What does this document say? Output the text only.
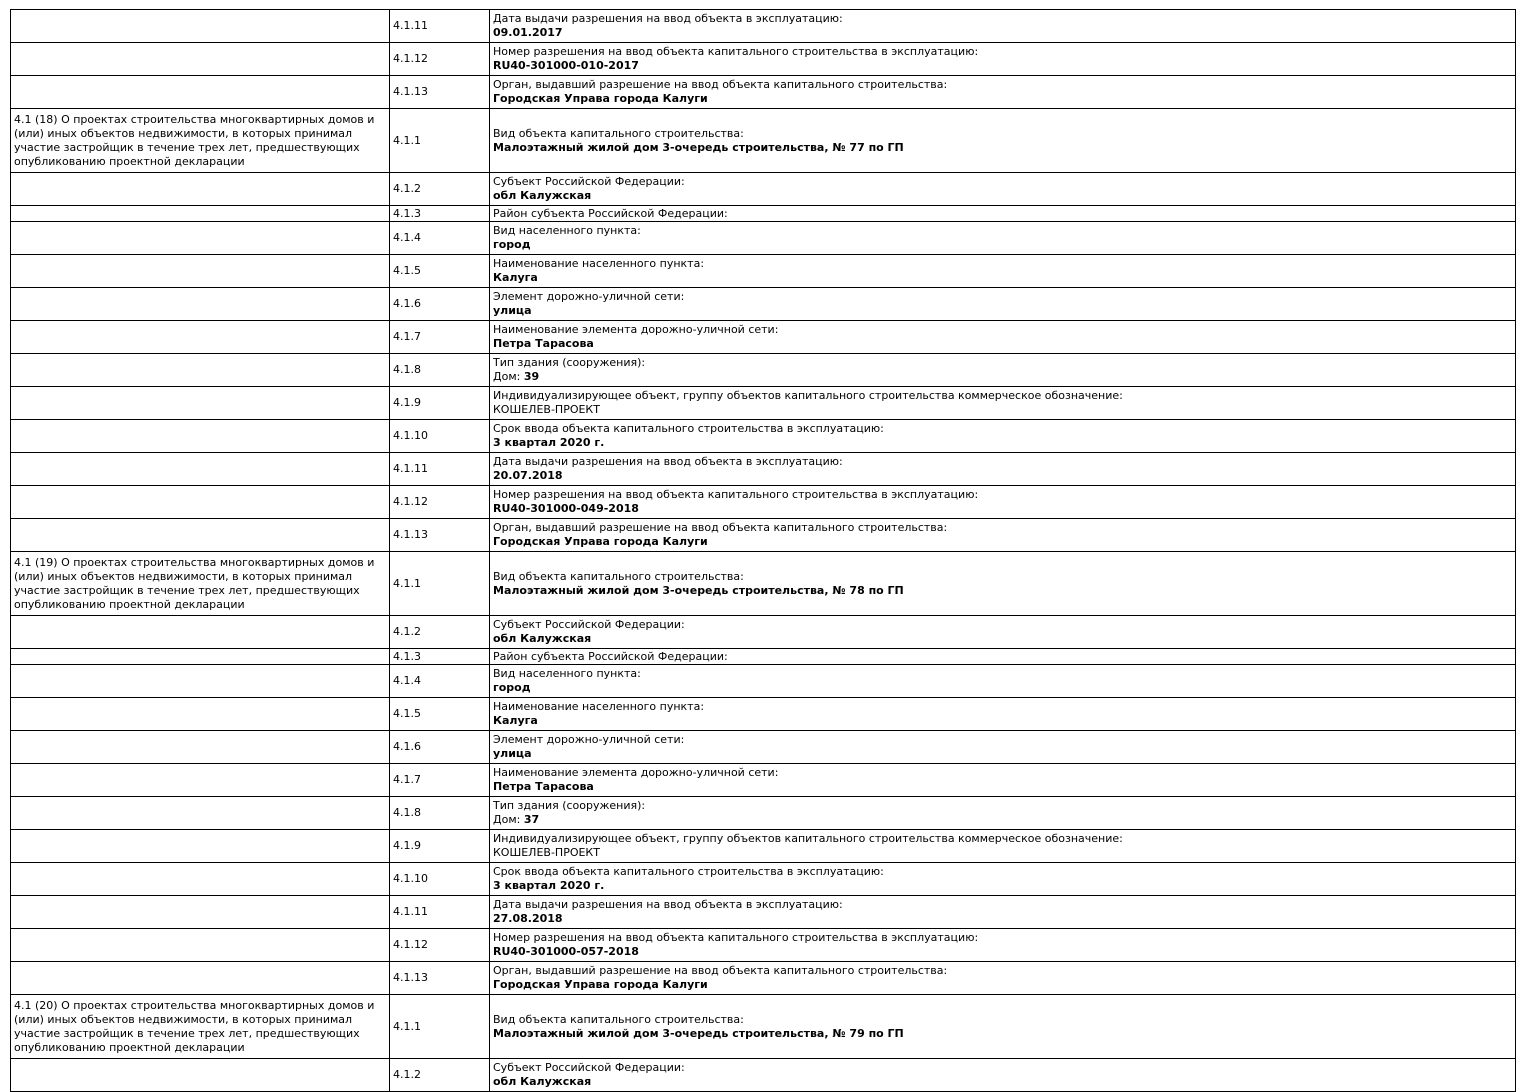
	4.1.11	Дата выдачи разрешения на ввод объекта в эксплуатацию:
09.01.2017

	4.1.12	Номер разрешения на ввод объекта капитального строительства в эксплуатацию:
RU40-301000-010-2017

	4.1.13	Орган, выдавший разрешение на ввод объекта капитального строительства:
Городская Управа города Калуги

4.1 (18) О проектах строительства многоквартирных домов и (или) иных объектов недвижимости, в которых принимал участие застройщик в течение трех лет, предшествующих опубликованию проектной декларации	4.1.1	Вид объекта капитального строительства:
Малоэтажный жилой дом 3-очередь строительства, № 77 по ГП

	4.1.2	Субъект Российской Федерации:
обл Калужская

	4.1.3	Район субъекта Российской Федерации:

	4.1.4	Вид населенного пункта:
город

	4.1.5	Наименование населенного пункта:
Калуга

	4.1.6	Элемент дорожно-уличной сети:
улица

	4.1.7	Наименование элемента дорожно-уличной сети:
Петра Тарасова

	4.1.8	Тип здания (сооружения):
Дом: 39

	4.1.9	Индивидуализирующее объект, группу объектов капитального строительства коммерческое обозначение:
КОШЕЛЕВ-ПРОЕКТ

	4.1.10	Срок ввода объекта капитального строительства в эксплуатацию:
3 квартал 2020 г.

	4.1.11	Дата выдачи разрешения на ввод объекта в эксплуатацию:
20.07.2018

	4.1.12	Номер разрешения на ввод объекта капитального строительства в эксплуатацию:
RU40-301000-049-2018

	4.1.13	Орган, выдавший разрешение на ввод объекта капитального строительства:
Городская Управа города Калуги

4.1 (19) О проектах строительства многоквартирных домов и (или) иных объектов недвижимости, в которых принимал участие застройщик в течение трех лет, предшествующих опубликованию проектной декларации	4.1.1	Вид объекта капитального строительства:
Малоэтажный жилой дом 3-очередь строительства, № 78 по ГП

	4.1.2	Субъект Российской Федерации:
обл Калужская

	4.1.3	Район субъекта Российской Федерации:

	4.1.4	Вид населенного пункта:
город

	4.1.5	Наименование населенного пункта:
Калуга

	4.1.6	Элемент дорожно-уличной сети:
улица

	4.1.7	Наименование элемента дорожно-уличной сети:
Петра Тарасова

	4.1.8	Тип здания (сооружения):
Дом: 37

	4.1.9	Индивидуализирующее объект, группу объектов капитального строительства коммерческое обозначение:
КОШЕЛЕВ-ПРОЕКТ

	4.1.10	Срок ввода объекта капитального строительства в эксплуатацию:
3 квартал 2020 г.

	4.1.11	Дата выдачи разрешения на ввод объекта в эксплуатацию:
27.08.2018

	4.1.12	Номер разрешения на ввод объекта капитального строительства в эксплуатацию:
RU40-301000-057-2018

	4.1.13	Орган, выдавший разрешение на ввод объекта капитального строительства:
Городская Управа города Калуги

4.1 (20) О проектах строительства многоквартирных домов и (или) иных объектов недвижимости, в которых принимал участие застройщик в течение трех лет, предшествующих опубликованию проектной декларации	4.1.1	Вид объекта капитального строительства:
Малоэтажный жилой дом 3-очередь строительства, № 79 по ГП

	4.1.2	Субъект Российской Федерации:
обл Калужская
